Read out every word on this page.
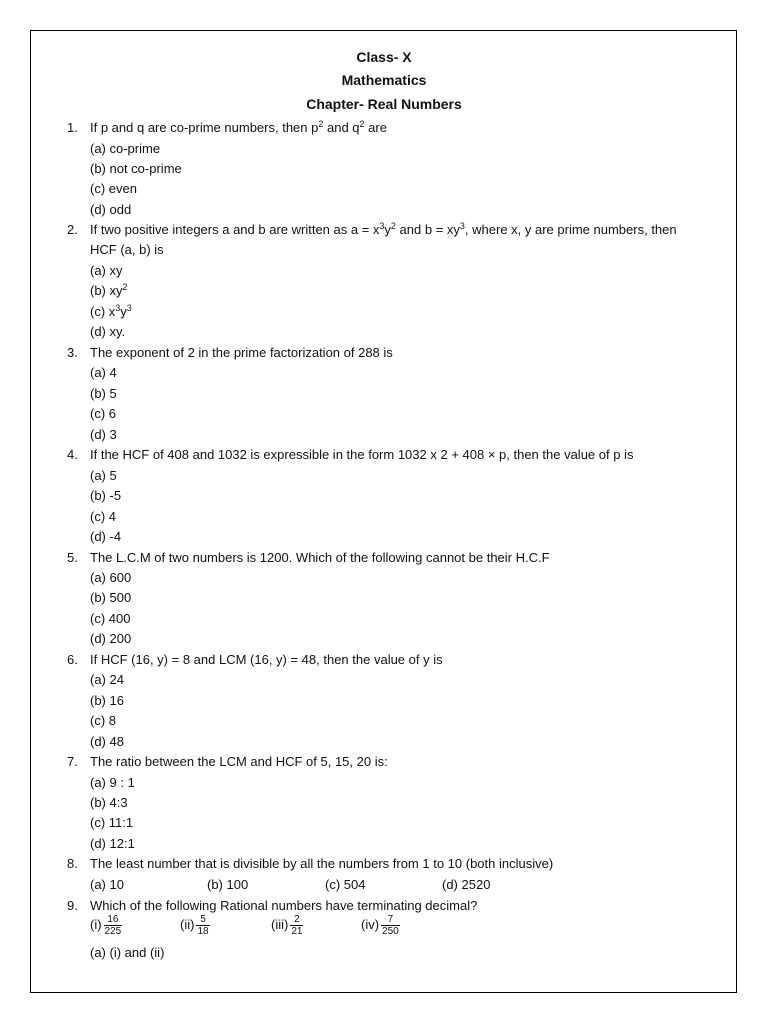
Class- X
Mathematics
Chapter- Real Numbers
1. If p and q are co-prime numbers, then $p^2$ and $q^2$ are
(a) co-prime
(b) not co-prime
(c) even
(d) odd
2. If two positive integers a and b are written as $a = x^3y^2$ and $b = xy^3$, where x, y are prime numbers, then
HCF (a, b) is
(a) xy
(b) $xy^2$
(c) $x^3y^3$
(d) xy.
3. The exponent of 2 in the prime factorization of 288 is
(a) 4
(b) 5
(c) 6
(d) 3
4. If the HCF of 408 and 1032 is expressible in the form 1032 x 2 + 408 × p, then the value of p is
(a) 5
(b) -5
(c) 4
(d) -4
5. The L.C.M of two numbers is 1200. Which of the following cannot be their H.C.F
(a) 600
(b) 500
(c) 400
(d) 200
6. If HCF (16, y) = 8 and LCM (16, y) = 48, then the value of y is
(a) 24
(b) 16
(c) 8
(d) 48
7. The ratio between the LCM and HCF of 5, 15, 20 is:
(a) 9 : 1
(b) 4:3
(c) 11:1
(d) 12:1
8. The least number that is divisible by all the numbers from 1 to 10 (both inclusive)
(a) 10	(b) 100	(c) 504	(d) 2520
9. Which of the following Rational numbers have terminating decimal?
$(i) \frac{16}{225}$	$(ii) \frac{5}{18}$	$(iii) \frac{2}{21}$	$(iv) \frac{7}{250}$
(a) (i) and (ii)
